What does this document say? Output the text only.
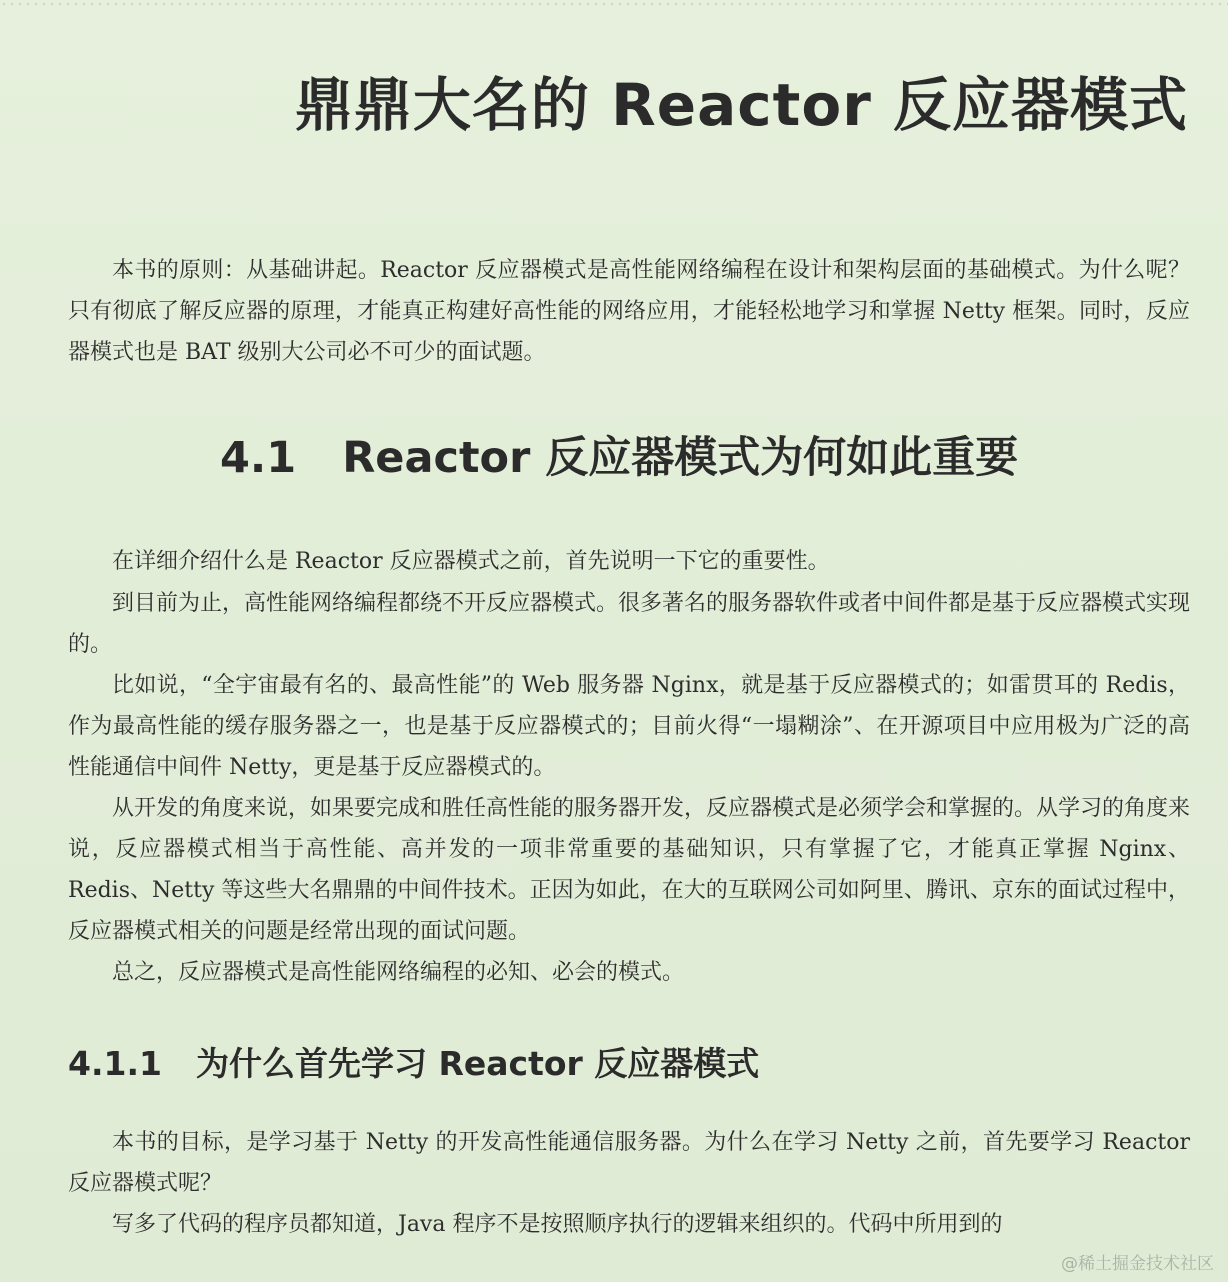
鼎鼎大名的 Reactor 反应器模式

本书的原则：从基础讲起。Reactor 反应器模式是高性能网络编程在设计和架构层面的基础模式。为什么呢？只有彻底了解反应器的原理，才能真正构建好高性能的网络应用，才能轻松地学习和掌握 Netty 框架。同时，反应器模式也是 BAT 级别大公司必不可少的面试题。

4.1 Reactor 反应器模式为何如此重要

在详细介绍什么是 Reactor 反应器模式之前，首先说明一下它的重要性。

到目前为止，高性能网络编程都绕不开反应器模式。很多著名的服务器软件或者中间件都是基于反应器模式实现的。

比如说，“全宇宙最有名的、最高性能”的 Web 服务器 Nginx，就是基于反应器模式的；如雷贯耳的 Redis，作为最高性能的缓存服务器之一，也是基于反应器模式的；目前火得“一塌糊涂”、在开源项目中应用极为广泛的高性能通信中间件 Netty，更是基于反应器模式的。

从开发的角度来说，如果要完成和胜任高性能的服务器开发，反应器模式是必须学会和掌握的。从学习的角度来说，反应器模式相当于高性能、高并发的一项非常重要的基础知识，只有掌握了它，才能真正掌握 Nginx、Redis、Netty 等这些大名鼎鼎的中间件技术。正因为如此，在大的互联网公司如阿里、腾讯、京东的面试过程中，反应器模式相关的问题是经常出现的面试问题。

总之，反应器模式是高性能网络编程的必知、必会的模式。

4.1.1 为什么首先学习 Reactor 反应器模式

本书的目标，是学习基于 Netty 的开发高性能通信服务器。为什么在学习 Netty 之前，首先要学习 Reactor 反应器模式呢？

写多了代码的程序员都知道，Java 程序不是按照顺序执行的逻辑来组织的。代码中所用到的

@稀土掘金技术社区
